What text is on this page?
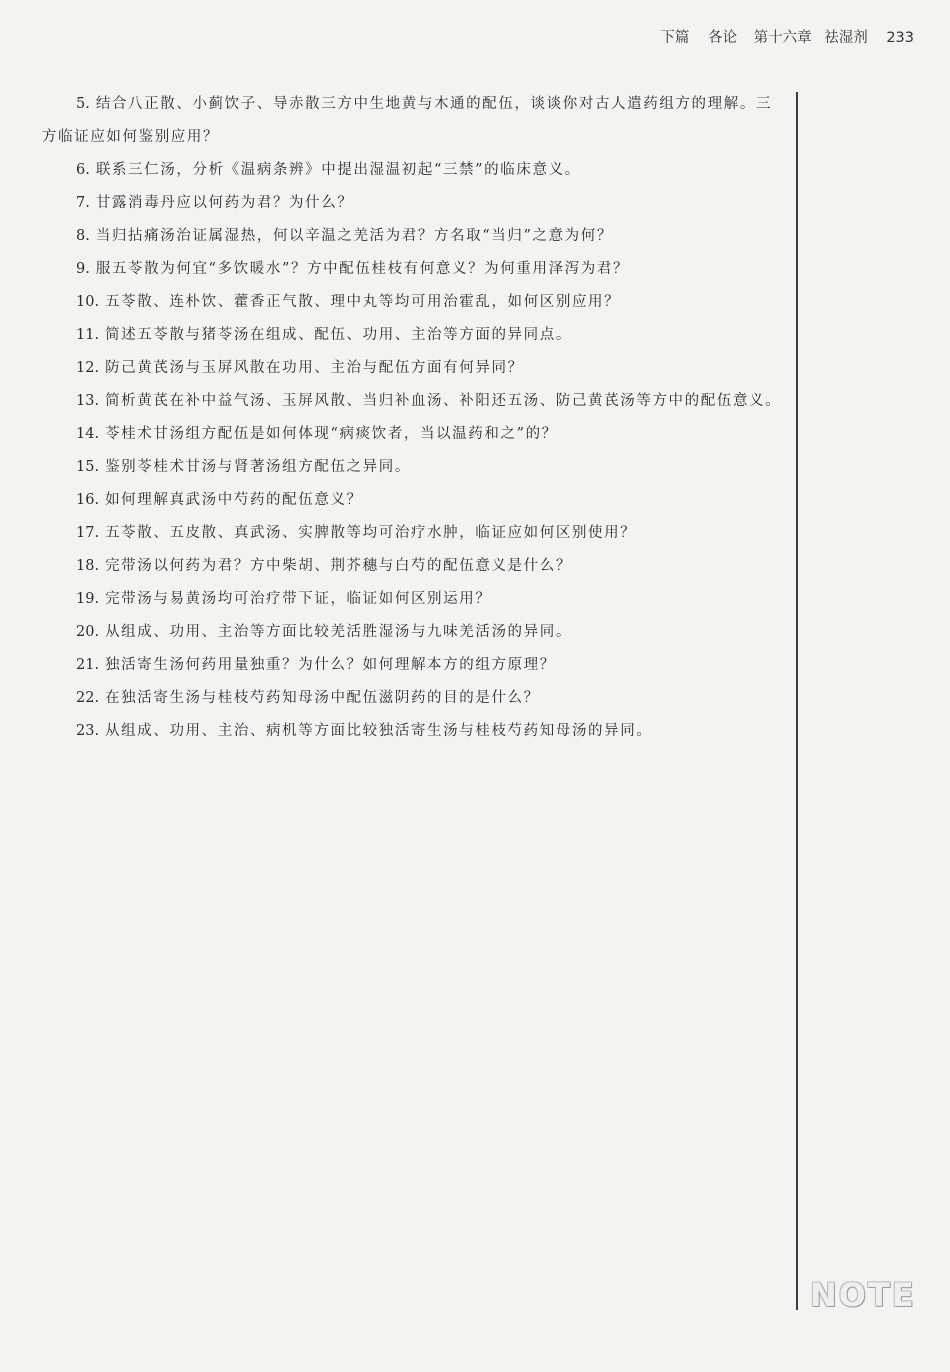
下篇 各论 第十六章 祛湿剂 233

5. 结合八正散、小蓟饮子、导赤散三方中生地黄与木通的配伍，谈谈你对古人遣药组方的理解。三方临证应如何鉴别应用？

6. 联系三仁汤，分析《温病条辨》中提出湿温初起“三禁”的临床意义。

7. 甘露消毒丹应以何药为君？为什么？

8. 当归拈痛汤治证属湿热，何以辛温之羌活为君？方名取“当归”之意为何？

9. 服五苓散为何宜“多饮暖水”？方中配伍桂枝有何意义？为何重用泽泻为君？

10. 五苓散、连朴饮、藿香正气散、理中丸等均可用治霍乱，如何区别应用？

11. 简述五苓散与猪苓汤在组成、配伍、功用、主治等方面的异同点。

12. 防己黄芪汤与玉屏风散在功用、主治与配伍方面有何异同？

13. 简析黄芪在补中益气汤、玉屏风散、当归补血汤、补阳还五汤、防己黄芪汤等方中的配伍意义。

14. 苓桂术甘汤组方配伍是如何体现“病痰饮者，当以温药和之”的？

15. 鉴别苓桂术甘汤与肾著汤组方配伍之异同。

16. 如何理解真武汤中芍药的配伍意义？

17. 五苓散、五皮散、真武汤、实脾散等均可治疗水肿，临证应如何区别使用？

18. 完带汤以何药为君？方中柴胡、荆芥穗与白芍的配伍意义是什么？

19. 完带汤与易黄汤均可治疗带下证，临证如何区别运用？

20. 从组成、功用、主治等方面比较羌活胜湿汤与九味羌活汤的异同。

21. 独活寄生汤何药用量独重？为什么？如何理解本方的组方原理？

22. 在独活寄生汤与桂枝芍药知母汤中配伍滋阴药的目的是什么？

23. 从组成、功用、主治、病机等方面比较独活寄生汤与桂枝芍药知母汤的异同。

NOTE
